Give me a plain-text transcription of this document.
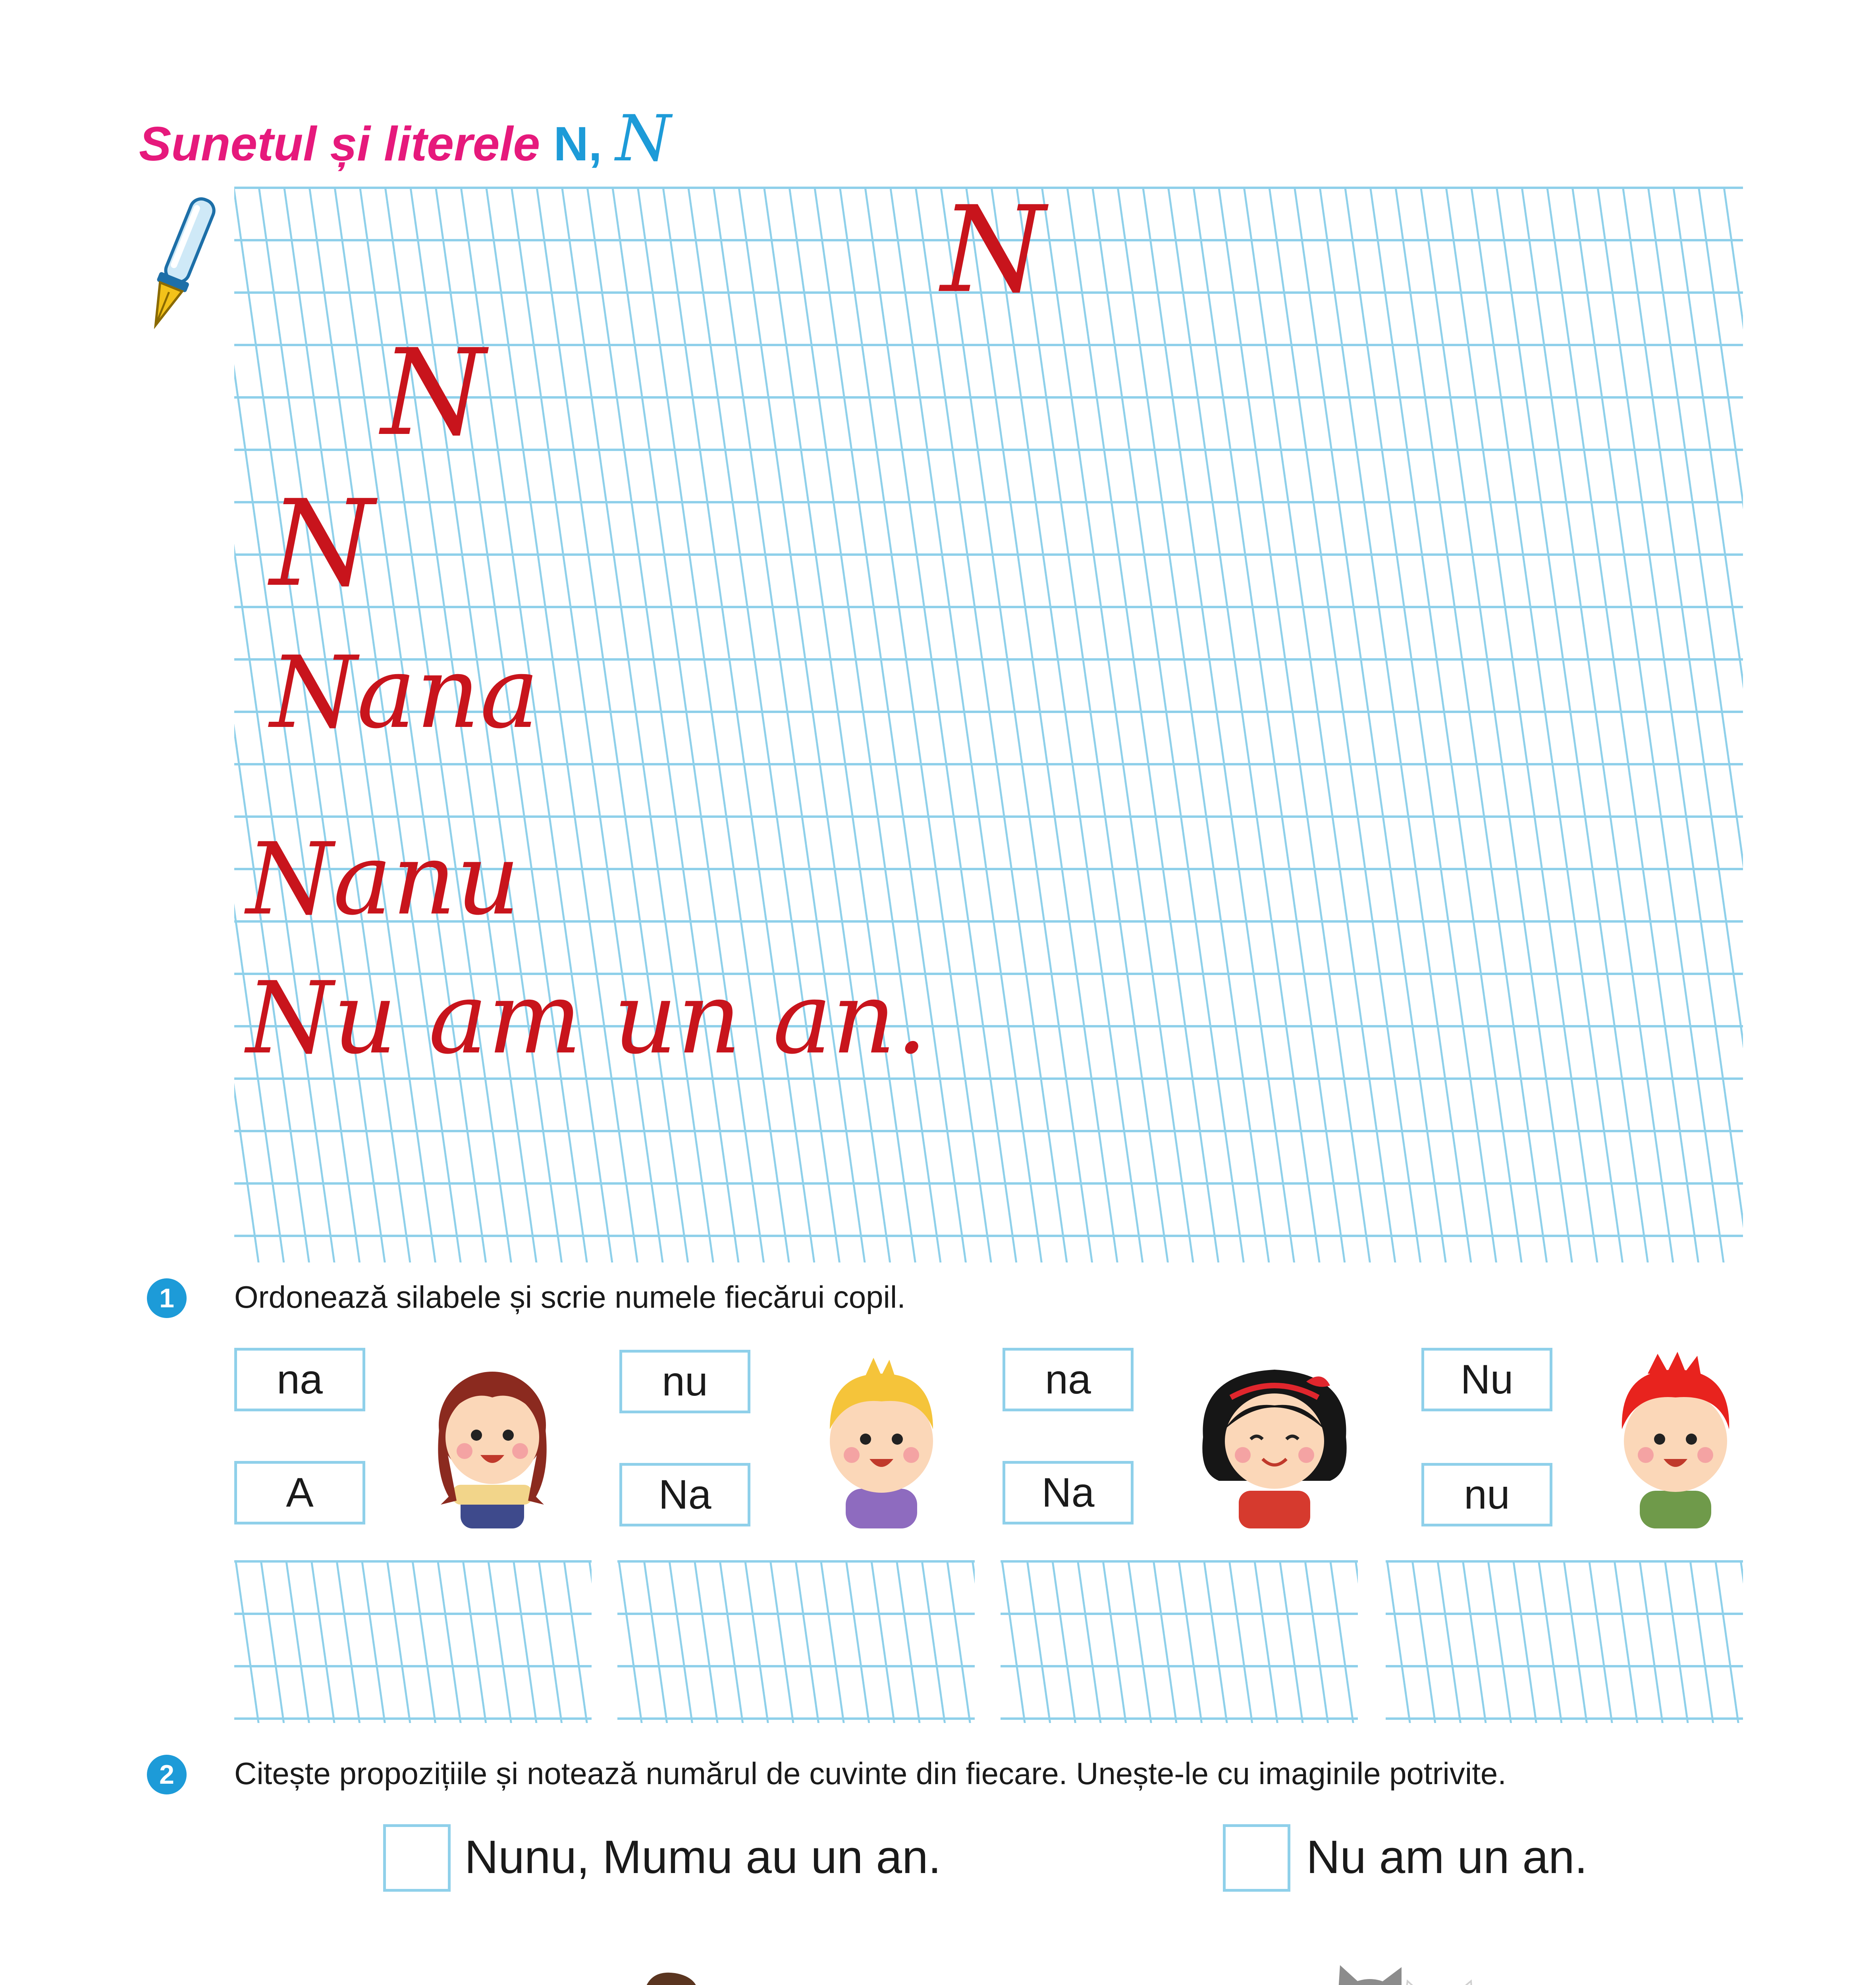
Sunetul și literele N, N
N
N
N
Nana
Nanu
Nu am un an.
1	Ordonează silabele și scrie numele fiecărui copil.
na
A
nu
Na
na
Na
Nu
nu
2	Citește propozițiile și notează numărul de cuvinte din fiecare. Unește-le cu imaginile potrivite.
Nunu, Mumu au un an.	Nu am un an.
